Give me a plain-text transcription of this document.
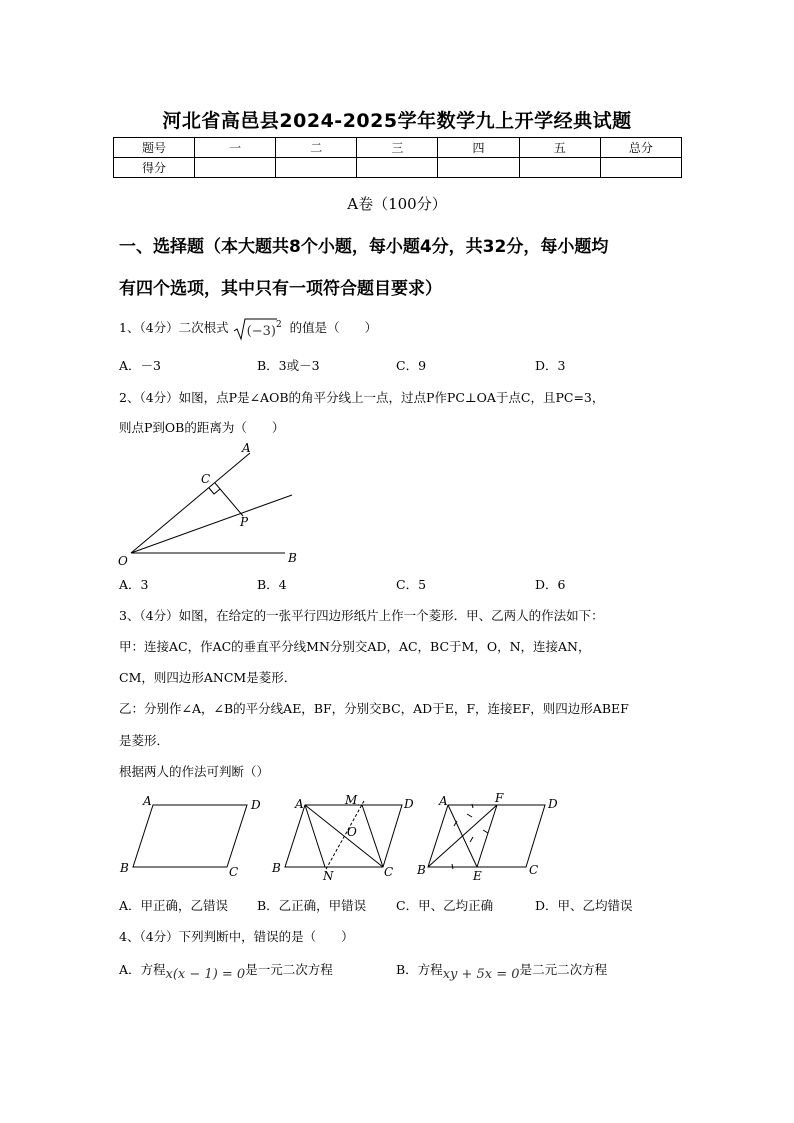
河北省高邑县2024-2025学年数学九上开学经典试题
题号	一	二	三	四	五	总分
得分						
A卷（100分）
一、选择题（本大题共8个小题，每小题4分，共32分，每小题均
有四个选项，其中只有一项符合题目要求）
1、（4分）二次根式 $(-3)^2$ 的值是（　　）
A．－3	B．3或－3	C．9	D．3
2、（4分）如图，点P是∠AOB的角平分线上一点，过点P作PC⊥OA于点C，且PC=3，
则点P到OB的距离为（　　）
A
C
P
O	B
A．3	B．4	C．5	D．6
3、（4分）如图，在给定的一张平行四边形纸片上作一个菱形．甲、乙两人的作法如下：
甲：连接AC，作AC的垂直平分线MN分别交AD，AC，BC于M，O，N，连接AN，
CM，则四边形ANCM是菱形．
乙：分别作∠A，∠B的平分线AE，BF，分别交BC，AD于E，F，连接EF，则四边形ABEF
是菱形．
根据两人的作法可判断（）
A	D
B	C
A	M	D
O
B
N	C
A	F	D
B	E	C
A．甲正确，乙错误 B．乙正确，甲错误 C．甲、乙均正确	D．甲、乙均错误
4、（4分）下列判断中，错误的是（　　）
A．方程x(x − 1) = 0是一元二次方程	B．方程xy + 5x = 0是二元二次方程
